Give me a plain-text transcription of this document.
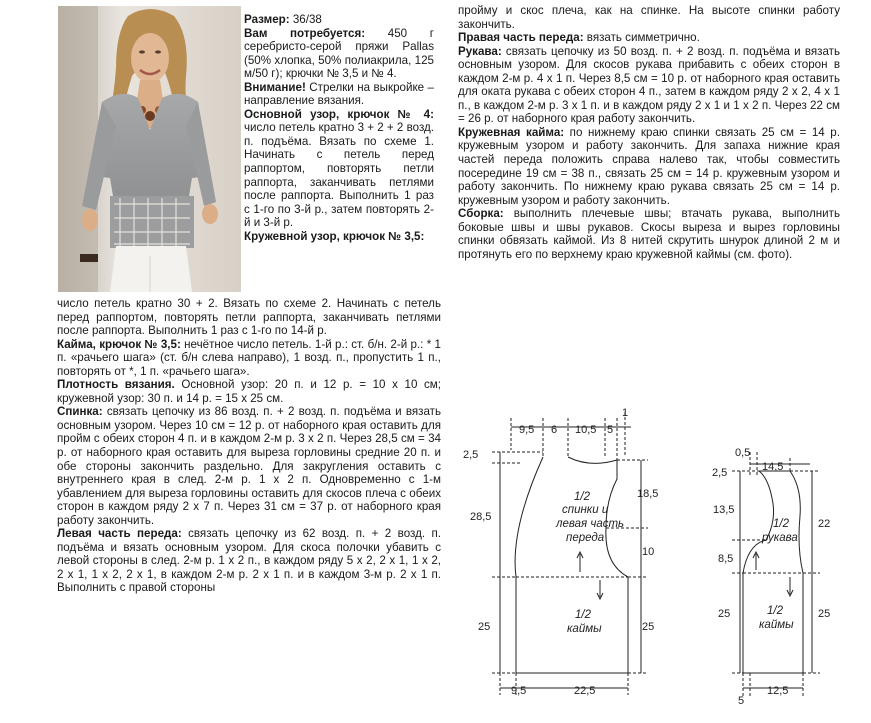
Размер: 36/38

Вам потребуется: 450 г серебристо-серой пряжи Pallas (50% хлопка, 50% полиакрила, 125 м/50 г); крючки № 3,5 и № 4.

Внимание! Стрелки на выкройке – направление вязания.

Основной узор, крючок № 4: число петель кратно 3 + 2 + 2 возд. п. подъёма. Вязать по схеме 1. Начинать с петель перед раппортом, повторять петли раппорта, заканчивать петлями после раппорта. Выполнить 1 раз с 1-го по 3-й р., затем повторять 2-й и 3-й р.

Кружевной узор, крючок № 3,5:

число петель кратно 30 + 2. Вязать по схеме 2. Начинать с петель перед раппортом, повторять петли раппорта, заканчивать петлями после раппорта. Выполнить 1 раз с 1-го по 14-й р.

Кайма, крючок № 3,5: нечётное число петель. 1-й р.: ст. б/н. 2-й р.: * 1 п. «рачьего шага» (ст. б/н слева направо), 1 возд. п., пропустить 1 п., повторять от *, 1 п. «рачьего шага».

Плотность вязания. Основной узор: 20 п. и 12 р. = 10 х 10 см; кружевной узор: 30 п. и 14 р. = 15 х 25 см.

Спинка: связать цепочку из 86 возд. п. + 2 возд. п. подъёма и вязать основным узором. Через 10 см = 12 р. от наборного края оставить для пройм с обеих сторон 4 п. и в каждом 2-м р. 3 х 2 п. Через 28,5 см = 34 р. от наборного края оставить для выреза горловины средние 20 п. и обе стороны закончить раздельно. Для закругления оставить с внутреннего края в след. 2-м р. 1 х 2 п. Одновременно с 1-м убавлением для выреза горловины оставить для скосов плеча с обеих сторон в каждом ряду 2 х 7 п. Через 31 см = 37 р. от наборного края работу закончить.

Левая часть переда: связать цепочку из 62 возд. п. + 2 возд. п. подъёма и вязать основным узором. Для скоса полочки убавить с левой стороны в след. 2-м р. 1 х 2 п., в каждом ряду 5 х 2, 2 х 1, 1 х 2, 2 х 1, 1 х 2, 2 х 1, в каждом 2-м р. 2 х 1 п. и в каждом 3-м р. 2 х 1 п. Выполнить с правой стороны

пройму и скос плеча, как на спинке. На высоте спинки работу закончить.

Правая часть переда: вязать симметрично.

Рукава: связать цепочку из 50 возд. п. + 2 возд. п. подъёма и вязать основным узором. Для скосов рукава прибавить с обеих сторон в каждом 2-м р. 4 х 1 п. Через 8,5 см = 10 р. от наборного края оставить для оката рукава с обеих сторон 4 п., затем в каждом ряду 2 х 2, 4 х 1 п., в каждом 2-м р. 3 х 1 п. и в каждом ряду 2 х 1 и 1 х 2 п. Через 22 см = 26 р. от наборного края работу закончить.

Кружевная кайма: по нижнему краю спинки связать 25 см = 14 р. кружевным узором и работу закончить. Для запаха нижние края частей переда положить справа налево так, чтобы совместить посередине 19 см = 38 п., связать 25 см = 14 р. кружевным узором и работу закончить. По нижнему краю рукава связать 25 см = 14 р. кружевным узором и работу закончить.

Сборка: выполнить плечевые швы; втачать рукава, выполнить боковые швы и швы рукавов. Скосы выреза и вырез горловины спинки обвязать каймой. Из 8 нитей скрутить шнурок длиной 2 м и протянуть его по верхнему краю кружевной каймы (см. фото).

9,5 6 10,5 5
1
2,5
28,5
25
18,5
10
25
9,5	22,5
1/2
спинки и
левая часть
переда
1/2
каймы
0,5
14,5
2,5
13,5
8,5
25
22
25
5
12,5
1/2
рукава
1/2
каймы
